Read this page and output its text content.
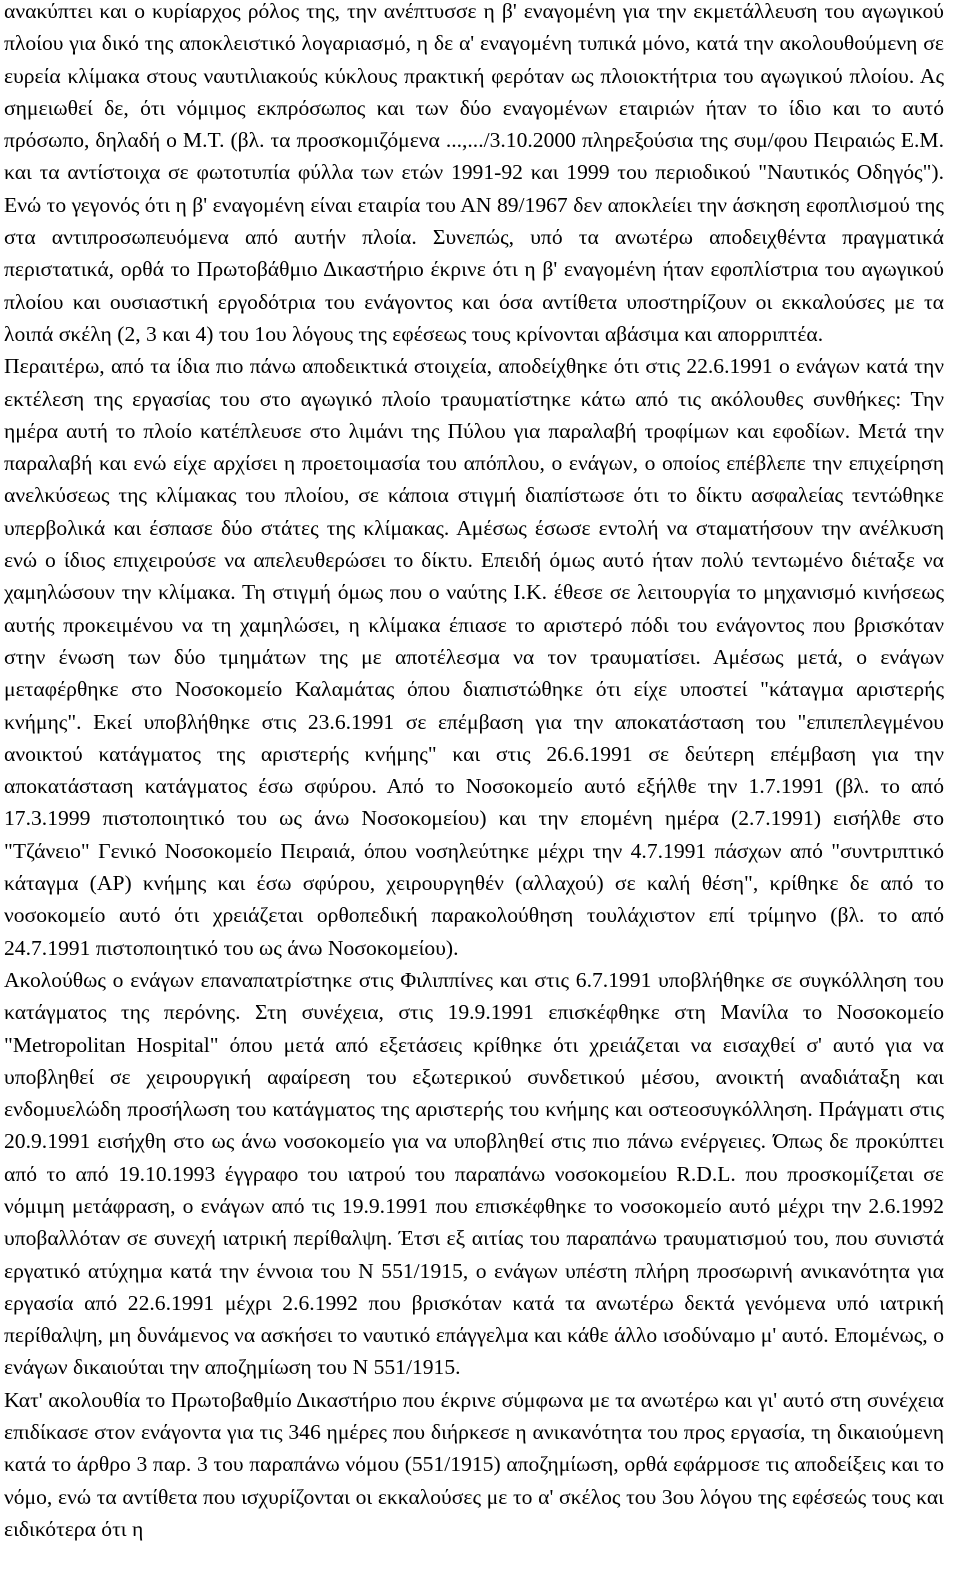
ανακύπτει και ο κυρίαρχος ρόλος της, την ανέπτυσσε η β' εναγομένη για την εκμετάλλευση του αγωγικού πλοίου για δικό της αποκλειστικό λογαριασμό, η δε α' εναγομένη τυπικά μόνο, κατά την ακολουθούμενη σε ευρεία κλίμακα στους ναυτιλιακούς κύκλους πρακτική φερόταν ως πλοιοκτήτρια του αγωγικού πλοίου. Ας σημειωθεί δε, ότι νόμιμος εκπρόσωπος και των δύο εναγομένων εταιριών ήταν το ίδιο και το αυτό πρόσωπο, δηλαδή ο Μ.Τ. (βλ. τα προσκομιζόμενα ...,.../3.10.2000 πληρεξούσια της συμ/φου Πειραιώς Ε.Μ. και τα αντίστοιχα σε φωτοτυπία φύλλα των ετών 1991-92 και 1999 του περιοδικού "Ναυτικός Οδηγός"). Ενώ το γεγονός ότι η β' εναγομένη είναι εταιρία του ΑΝ 89/1967 δεν αποκλείει την άσκηση εφοπλισμού της στα αντιπροσωπευόμενα από αυτήν πλοία. Συνεπώς, υπό τα ανωτέρω αποδειχθέντα πραγματικά περιστατικά, ορθά το Πρωτοβάθμιο Δικαστήριο έκρινε ότι η β' εναγομένη ήταν εφοπλίστρια του αγωγικού πλοίου και ουσιαστική εργοδότρια του ενάγοντος και όσα αντίθετα υποστηρίζουν οι εκκαλούσες με τα λοιπά σκέλη (2, 3 και 4) του 1ου λόγους της εφέσεως τους κρίνονται αβάσιμα και απορριπτέα.

Περαιτέρω, από τα ίδια πιο πάνω αποδεικτικά στοιχεία, αποδείχθηκε ότι στις 22.6.1991 ο ενάγων κατά την εκτέλεση της εργασίας του στο αγωγικό πλοίο τραυματίστηκε κάτω από τις ακόλουθες συνθήκες: Την ημέρα αυτή το πλοίο κατέπλευσε στο λιμάνι της Πύλου για παραλαβή τροφίμων και εφοδίων. Μετά την παραλαβή και ενώ είχε αρχίσει η προετοιμασία του απόπλου, ο ενάγων, ο οποίος επέβλεπε την επιχείρηση ανελκύσεως της κλίμακας του πλοίου, σε κάποια στιγμή διαπίστωσε ότι το δίκτυ ασφαλείας τεντώθηκε υπερβολικά και έσπασε δύο στάτες της κλίμακας. Αμέσως έσωσε εντολή να σταματήσουν την ανέλκυση ενώ ο ίδιος επιχειρούσε να απελευθερώσει το δίκτυ. Επειδή όμως αυτό ήταν πολύ τεντωμένο διέταξε να χαμηλώσουν την κλίμακα. Τη στιγμή όμως που ο ναύτης Ι.Κ. έθεσε σε λειτουργία το μηχανισμό κινήσεως αυτής προκειμένου να τη χαμηλώσει, η κλίμακα έπιασε το αριστερό πόδι του ενάγοντος που βρισκόταν στην ένωση των δύο τμημάτων της με αποτέλεσμα να τον τραυματίσει. Αμέσως μετά, ο ενάγων μεταφέρθηκε στο Νοσοκομείο Καλαμάτας όπου διαπιστώθηκε ότι είχε υποστεί "κάταγμα αριστερής κνήμης". Εκεί υποβλήθηκε στις 23.6.1991 σε επέμβαση για την αποκατάσταση του "επιπεπλεγμένου ανοικτού κατάγματος της αριστερής κνήμης" και στις 26.6.1991 σε δεύτερη επέμβαση για την αποκατάσταση κατάγματος έσω σφύρου. Από το Νοσοκομείο αυτό εξήλθε την 1.7.1991 (βλ. το από 17.3.1999 πιστοποιητικό του ως άνω Νοσοκομείου) και την επομένη ημέρα (2.7.1991) εισήλθε στο "Τζάνειο" Γενικό Νοσοκομείο Πειραιά, όπου νοσηλεύτηκε μέχρι την 4.7.1991 πάσχων από "συντριπτικό κάταγμα (ΑΡ) κνήμης και έσω σφύρου, χειρουργηθέν (αλλαχού) σε καλή θέση", κρίθηκε δε από το νοσοκομείο αυτό ότι χρειάζεται ορθοπεδική παρακολούθηση τουλάχιστον επί τρίμηνο (βλ. το από 24.7.1991 πιστοποιητικό του ως άνω Νοσοκομείου).

Ακολούθως ο ενάγων επαναπατρίστηκε στις Φιλιππίνες και στις 6.7.1991 υποβλήθηκε σε συγκόλληση του κατάγματος της περόνης. Στη συνέχεια, στις 19.9.1991 επισκέφθηκε στη Μανίλα το Νοσοκομείο "Metropolitan Hospital" όπου μετά από εξετάσεις κρίθηκε ότι χρειάζεται να εισαχθεί σ' αυτό για να υποβληθεί σε χειρουργική αφαίρεση του εξωτερικού συνδετικού μέσου, ανοικτή αναδιάταξη και ενδομυελώδη προσήλωση του κατάγματος της αριστερής του κνήμης και οστεοσυγκόλληση. Πράγματι στις 20.9.1991 εισήχθη στο ως άνω νοσοκομείο για να υποβληθεί στις πιο πάνω ενέργειες. Όπως δε προκύπτει από το από 19.10.1993 έγγραφο του ιατρού του παραπάνω νοσοκομείου R.D.L. που προσκομίζεται σε νόμιμη μετάφραση, ο ενάγων από τις 19.9.1991 που επισκέφθηκε το νοσοκομείο αυτό μέχρι την 2.6.1992 υποβαλλόταν σε συνεχή ιατρική περίθαλψη. Έτσι εξ αιτίας του παραπάνω τραυματισμού του, που συνιστά εργατικό ατύχημα κατά την έννοια του Ν 551/1915, ο ενάγων υπέστη πλήρη προσωρινή ανικανότητα για εργασία από 22.6.1991 μέχρι 2.6.1992 που βρισκόταν κατά τα ανωτέρω δεκτά γενόμενα υπό ιατρική περίθαλψη, μη δυνάμενος να ασκήσει το ναυτικό επάγγελμα και κάθε άλλο ισοδύναμο μ' αυτό. Επομένως, ο ενάγων δικαιούται την αποζημίωση του Ν 551/1915.

Κατ' ακολουθία το Πρωτοβαθμίο Δικαστήριο που έκρινε σύμφωνα με τα ανωτέρω και γι' αυτό στη συνέχεια επιδίκασε στον ενάγοντα για τις 346 ημέρες που διήρκεσε η ανικανότητα του προς εργασία, τη δικαιούμενη κατά το άρθρο 3 παρ. 3 του παραπάνω νόμου (551/1915) αποζημίωση, ορθά εφάρμοσε τις αποδείξεις και το νόμο, ενώ τα αντίθετα που ισχυρίζονται οι εκκαλούσες με το α' σκέλος του 3ου λόγου της εφέσεώς τους και ειδικότερα ότι η
